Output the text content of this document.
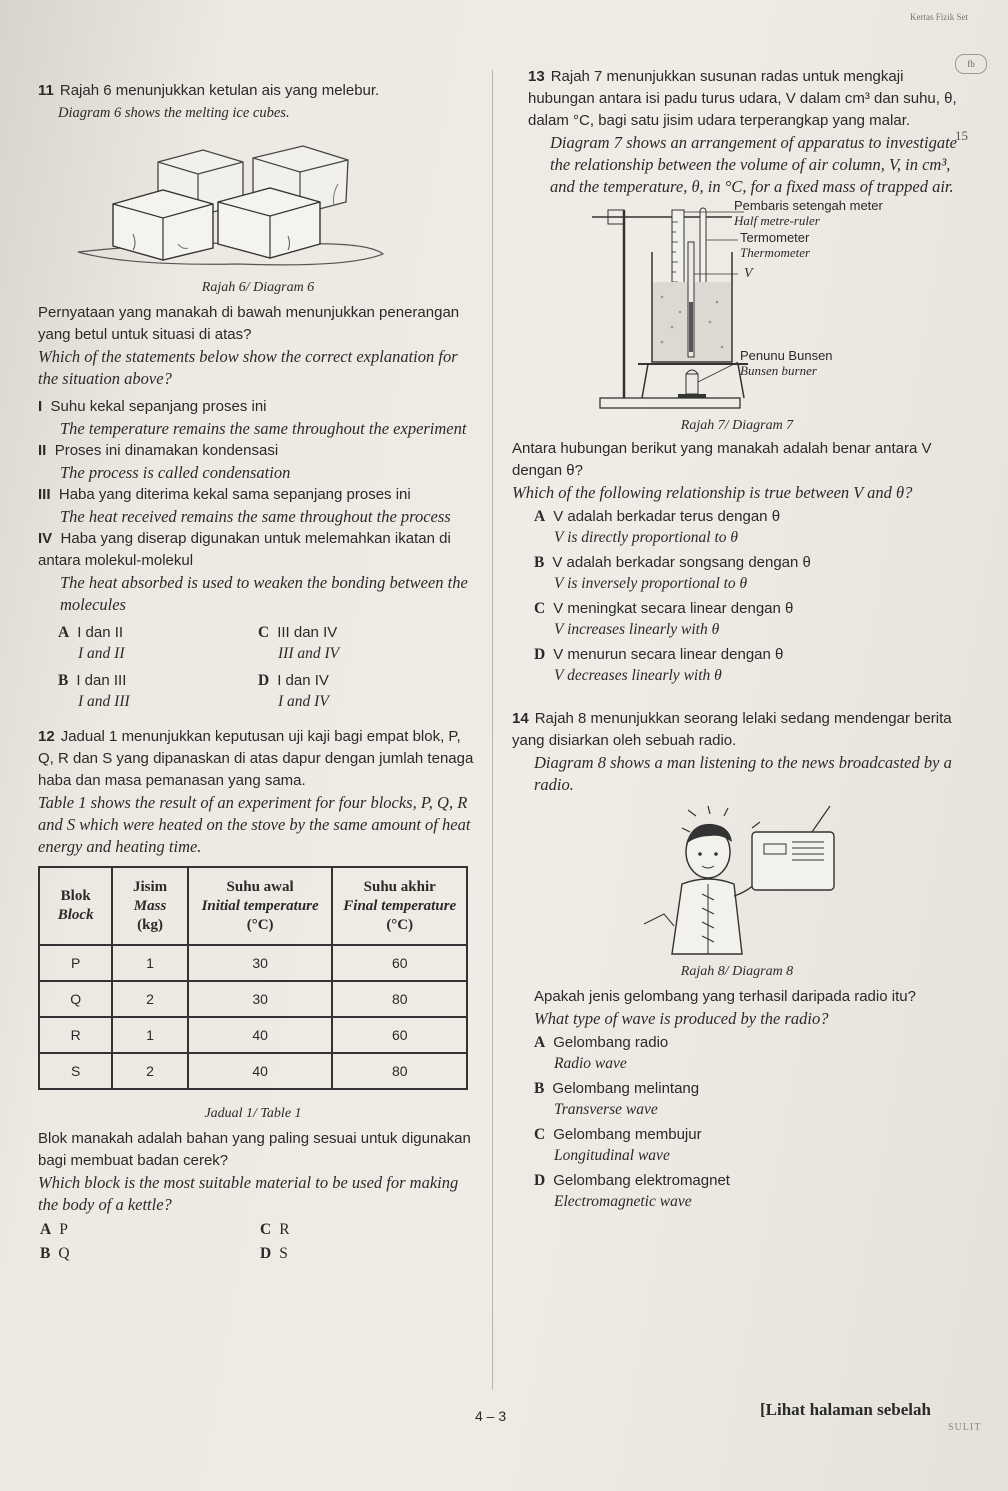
Kertas Fizik Set
fb
15

11 Rajah 6 menunjukkan ketulan ais yang melebur.

Diagram 6 shows the melting ice cubes.

Rajah 6/ Diagram 6

Pernyataan yang manakah di bawah menunjukkan penerangan yang betul untuk situasi di atas?

Which of the statements below show the correct explanation for the situation above?

I Suhu kekal sepanjang proses ini

The temperature remains the same throughout the experiment

II Proses ini dinamakan kondensasi

The process is called condensation

III Haba yang diterima kekal sama sepanjang proses ini

The heat received remains the same throughout the process

IV Haba yang diserap digunakan untuk melemahkan ikatan di antara molekul-molekul

The heat absorbed is used to weaken the bonding between the molecules

A I dan II
I and II
C III dan IV
III and IV
B I dan III
I and III
D I dan IV
I and IV

12 Jadual 1 menunjukkan keputusan uji kaji bagi empat blok, P, Q, R dan S yang dipanaskan di atas dapur dengan jumlah tenaga haba dan masa pemanasan yang sama.

Table 1 shows the result of an experiment for four blocks, P, Q, R and S which were heated on the stove by the same amount of heat energy and heating time.

Blok
Block	Jisim
Mass
(kg)	Suhu awal
Initial temperature
(°C)	Suhu akhir
Final temperature
(°C)
P	1	30	60
Q	2	30	80
R	1	40	60
S	2	40	80
Jadual 1/ Table 1

Blok manakah adalah bahan yang paling sesuai untuk digunakan bagi membuat badan cerek?

Which block is the most suitable material to be used for making the body of a kettle?

A P	C R
B Q	D S

13 Rajah 7 menunjukkan susunan radas untuk mengkaji hubungan antara isi padu turus udara, V dalam cm³ dan suhu, θ, dalam °C, bagi satu jisim udara terperangkap yang malar.

Diagram 7 shows an arrangement of apparatus to investigate the relationship between the volume of air column, V, in cm³, and the temperature, θ, in °C, for a fixed mass of trapped air.

Pembaris setengah meter
Half metre-ruler
Termometer
Thermometer
V
Penunu Bunsen
Bunsen burner
Rajah 7/ Diagram 7

Antara hubungan berikut yang manakah adalah benar antara V dengan θ?

Which of the following relationship is true between V and θ?

A V adalah berkadar terus dengan θ
V is directly proportional to θ
B V adalah berkadar songsang dengan θ
V is inversely proportional to θ
C V meningkat secara linear dengan θ
V increases linearly with θ
D V menurun secara linear dengan θ
V decreases linearly with θ

14 Rajah 8 menunjukkan seorang lelaki sedang mendengar berita yang disiarkan oleh sebuah radio.

Diagram 8 shows a man listening to the news broadcasted by a radio.

Rajah 8/ Diagram 8

Apakah jenis gelombang yang terhasil daripada radio itu?

What type of wave is produced by the radio?

A Gelombang radio
Radio wave
B Gelombang melintang
Transverse wave
C Gelombang membujur
Longitudinal wave
D Gelombang elektromagnet
Electromagnetic wave
4 – 3	[Lihat halaman sebelah
SULIT
